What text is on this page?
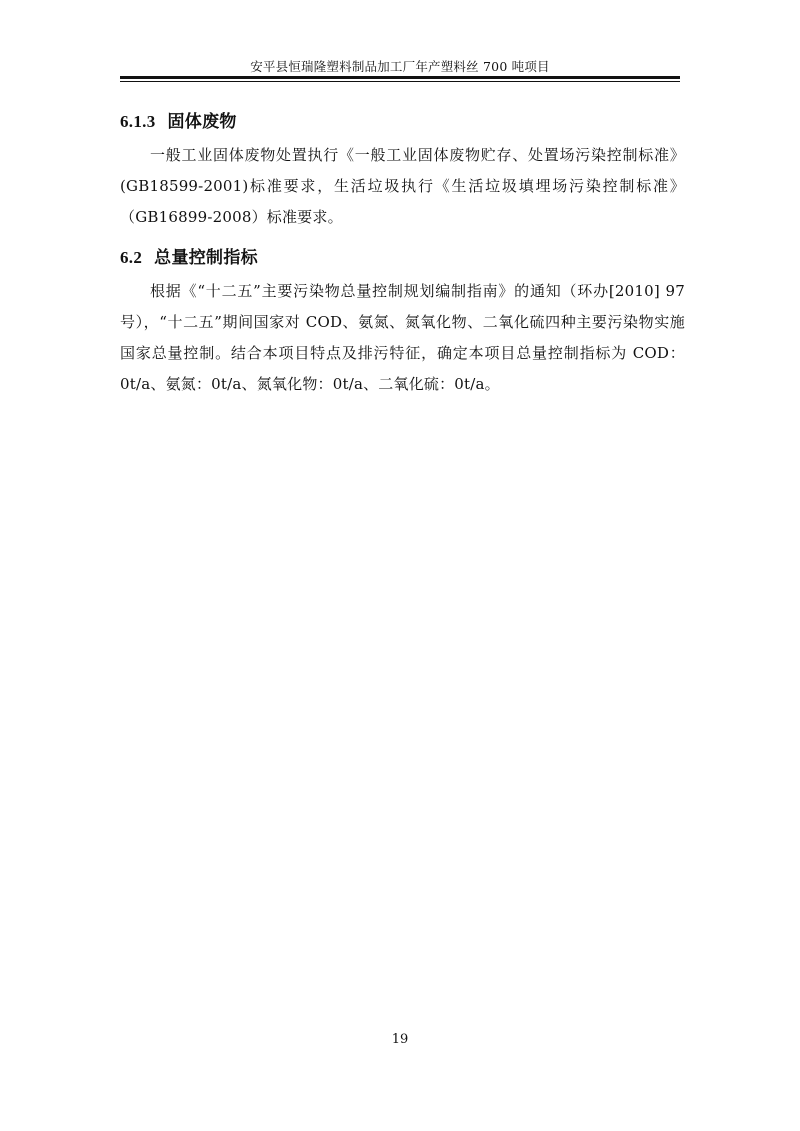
安平县恒瑞隆塑料制品加工厂年产塑料丝 700 吨项目
6.1.3 固体废物
一般工业固体废物处置执行《一般工业固体废物贮存、处置场污染控制标准》(GB18599-2001)标准要求，生活垃圾执行《生活垃圾填埋场污染控制标准》（GB16899-2008）标准要求。
6.2 总量控制指标
根据《“十二五”主要污染物总量控制规划编制指南》的通知（环办[2010] 97号），“十二五”期间国家对 COD、氨氮、氮氧化物、二氧化硫四种主要污染物实施国家总量控制。结合本项目特点及排污特征，确定本项目总量控制指标为 COD：0t/a、氨氮：0t/a、氮氧化物：0t/a、二氧化硫：0t/a。
19
